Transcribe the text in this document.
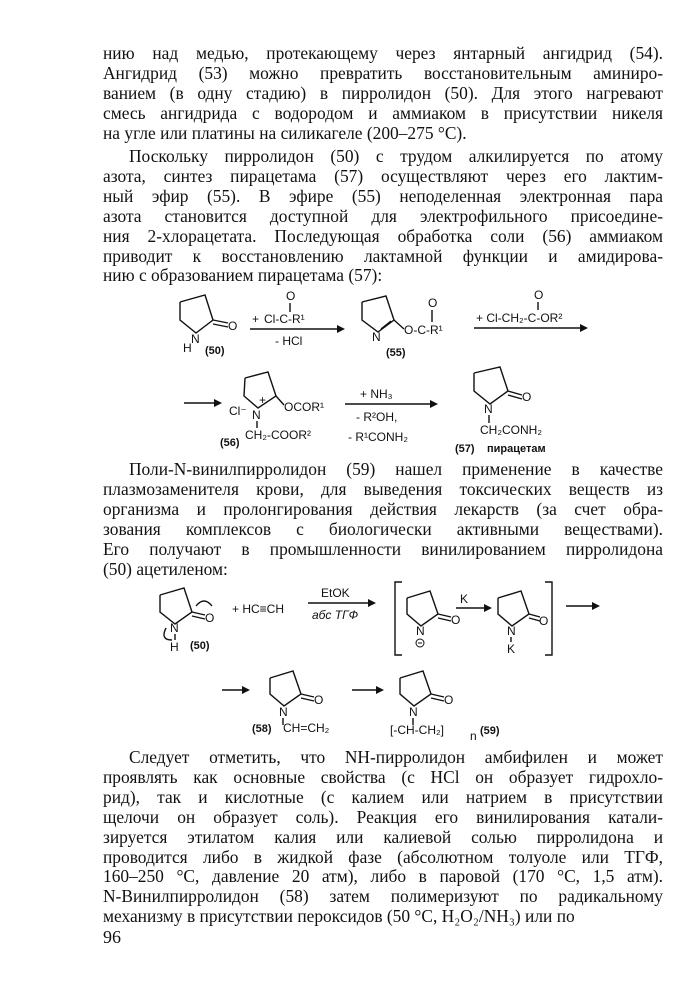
нию над медью, протекающему через янтарный ангидрид (54).
Ангидрид (53) можно превратить восстановительным аминиро-
ванием (в одну стадию) в пирролидон (50). Для этого нагревают
смесь ангидрида с водородом и аммиаком в присутствии никеля
на угле или платины на силикагеле (200–275 °С).
Поскольку пирролидон (50) с трудом алкилируется по атому
азота, синтез пирацетама (57) осуществляют через его лактим-
ный эфир (55). В эфире (55) неподеленная электронная пара
азота становится доступной для электрофильного присоедине-
ния 2-хлорацетата. Последующая обработка соли (56) аммиаком
приводит к восстановлению лактамной функции и амидирова-
нию с образованием пирацетама (57):
Поли-N-винилпирролидон (59) нашел применение в качестве
плазмозаменителя крови, для выведения токсических веществ из
организма и пролонгирования действия лекарств (за счет обра-
зования комплексов с биологически активными веществами).
Его получают в промышленности винилированием пирролидона
(50) ацетиленом:
Следует отметить, что NH-пирролидон амбифилен и может
проявлять как основные свойства (с HCl он образует гидрохло-
рид), так и кислотные (с калием или натрием в присутствии
щелочи он образует соль). Реакция его винилирования катали-
зируется этилатом калия или калиевой солью пирролидона и
проводится либо в жидкой фазе (абсолютном толуоле или ТГФ,
160–250 °С, давление 20 атм), либо в паровой (170 °С, 1,5 атм).
N-Винилпирролидон (58) затем полимеризуют по радикальному
механизму в присутствии пероксидов (50 °С, H₂O₂/NH₃) или по
O
N
H (50)
O
+ Cl-C-R¹
- HCl	N O-C-R¹
O
(55)
O
+ Cl-CH₂-C-OR²
Cl⁻ N
+ OCOR¹
CH₂-COOR²
(56)
+ NH₃
- R²OH,
- R¹CONH₂
O
N
CH₂CONH₂
(57) пирацетам
O
N
H (50)
+ HC≡CH
EtOK
абс ТГФ	O
N
K
O
N
K
O
N
(58) CH=CH₂
O
N
[-CH-CH₂] n (59)
96
